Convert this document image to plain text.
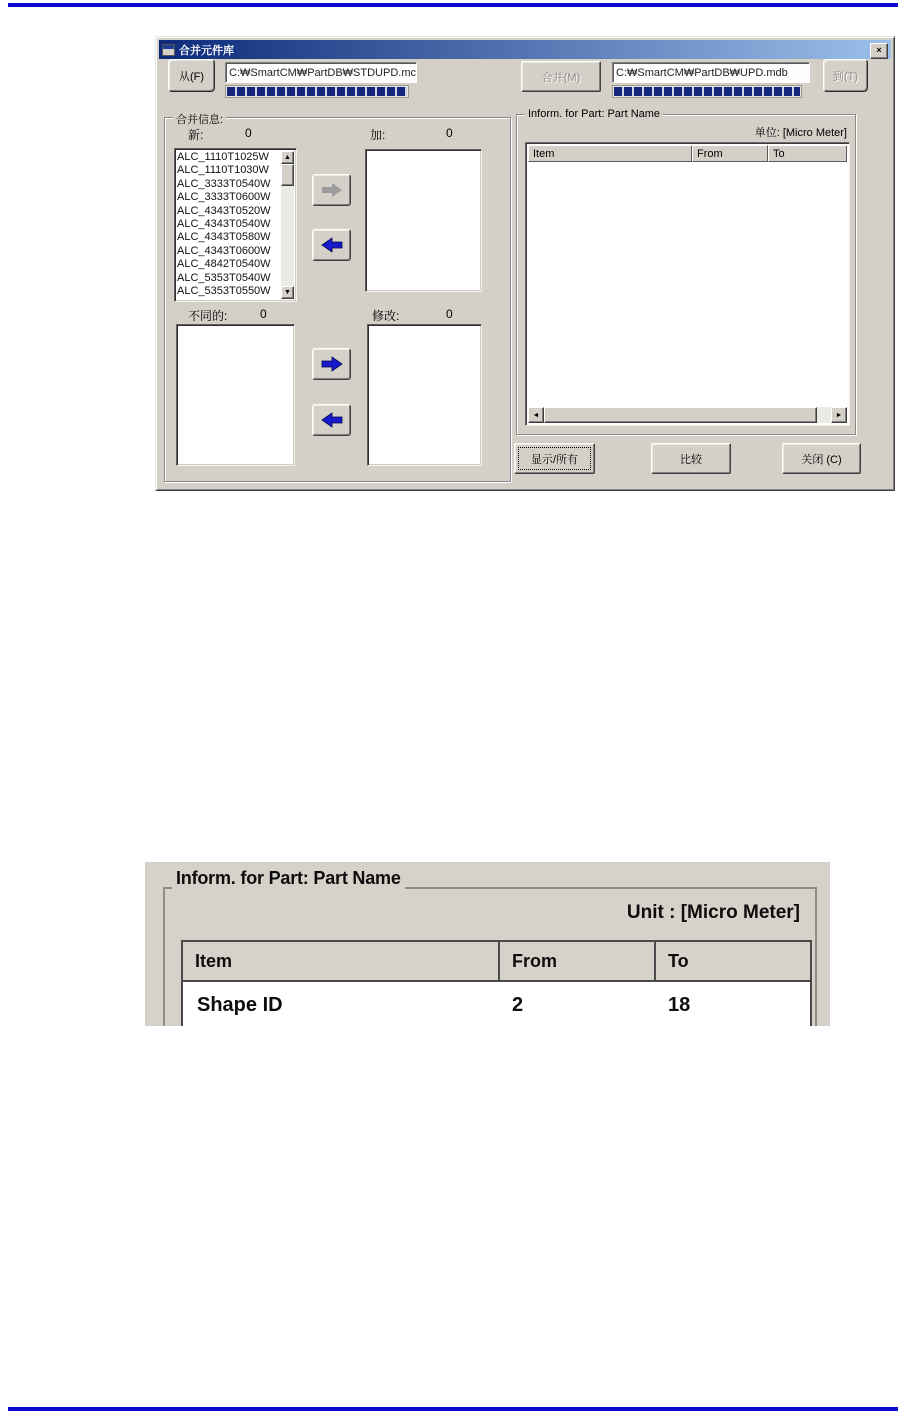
合并元件库	×
从(F)	C:₩SmartCM₩PartDB₩STDUPD.mc	合并(M)	C:₩SmartCM₩PartDB₩UPD.mdb	到(T)
合并信息:
新:	0
ALC_1110T1025W
ALC_1110T1030W
ALC_3333T0540W
ALC_3333T0600W
ALC_4343T0520W
ALC_4343T0540W
ALC_4343T0580W
ALC_4343T0600W
ALC_4842T0540W
ALC_5353T0540W
ALC_5353T0550W
▲
▼
加:	0
不同的:	0	修改:	0
Inform. for Part: Part Name
单位: [Micro Meter]
Item	From	To
◄	►
显示/所有	比较	关闭 (C)
Inform. for Part: Part Name
Unit : [Micro Meter]
Item	From	To
Shape ID	2	18
